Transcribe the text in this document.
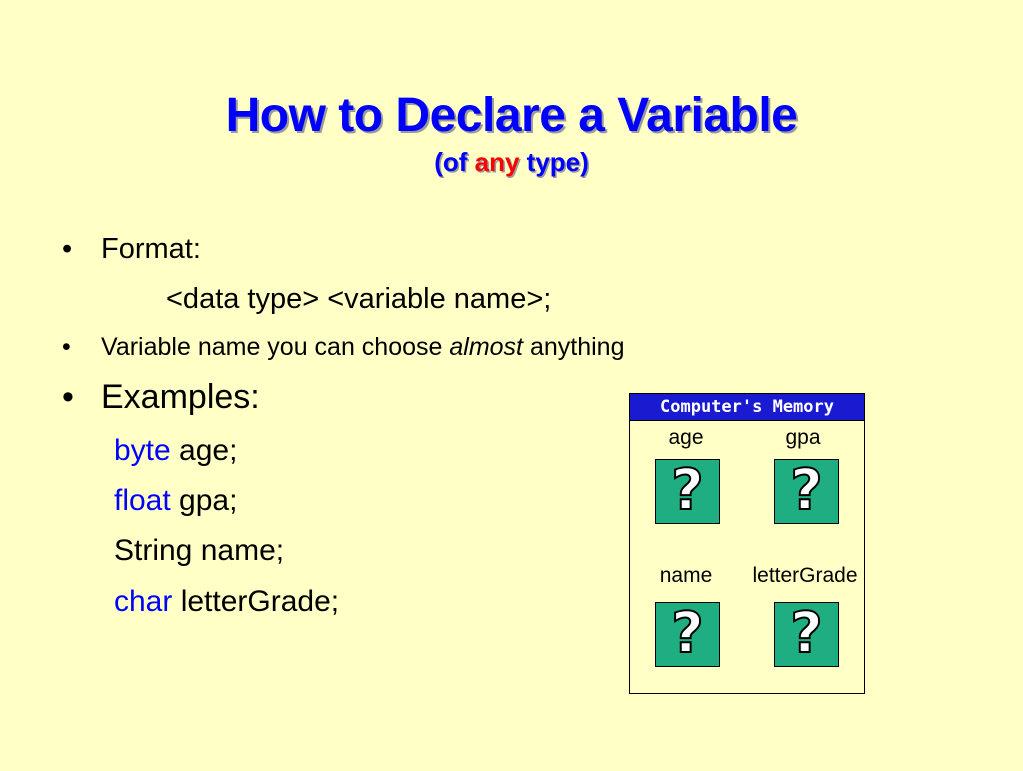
How to Declare a Variable
(of any type)
• Format:
<data type> <variable name>;
• Variable name you can choose almost anything
• Examples:
byte age;
float gpa;
String name;
char letterGrade;
Computer's Memory
age	gpa
? ?
name	letterGrade
? ?
